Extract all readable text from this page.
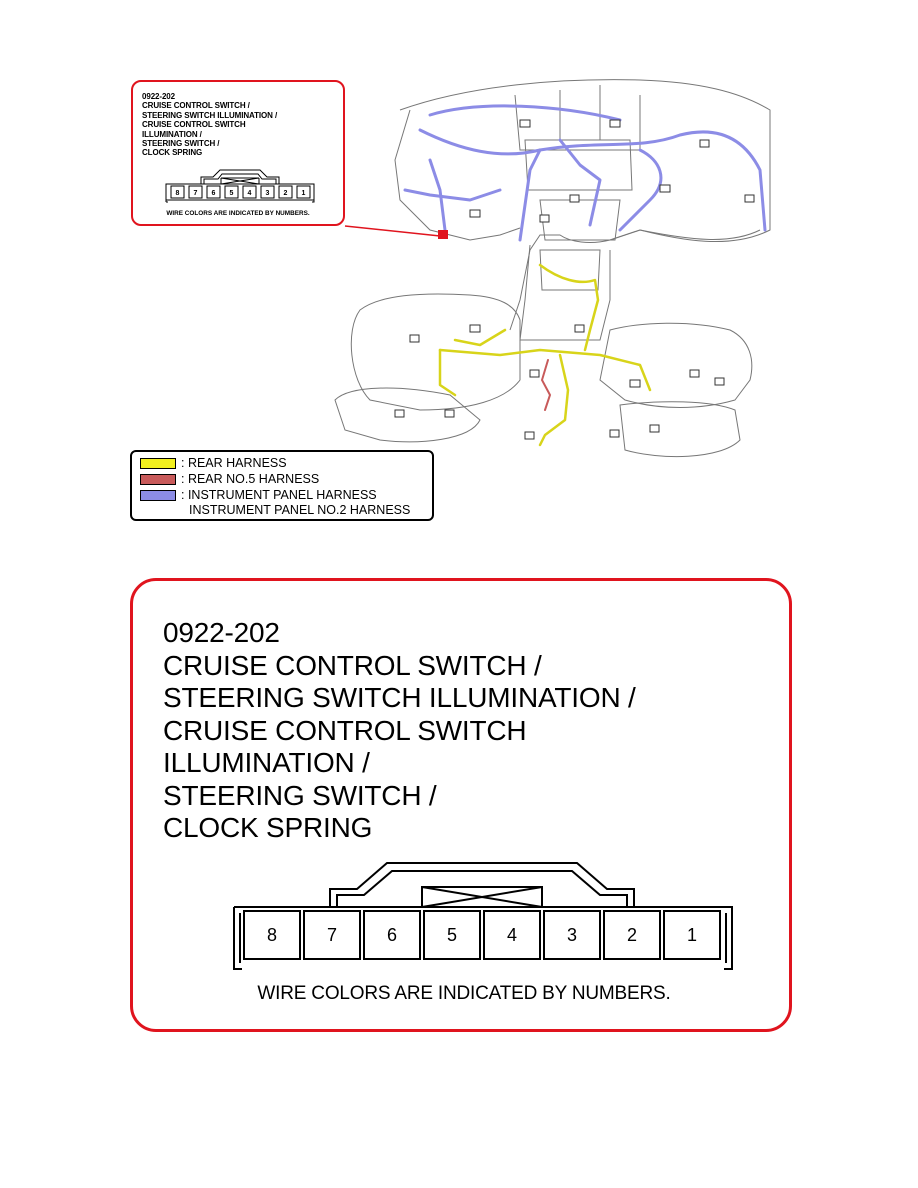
0922-202
CRUISE CONTROL SWITCH /
STEERING SWITCH ILLUMINATION /
CRUISE CONTROL SWITCH
ILLUMINATION /
STEERING SWITCH /
CLOCK SPRING
8 7 6 5 4 3 2 1
WIRE COLORS ARE INDICATED BY NUMBERS.
: REAR HARNESS
: REAR NO.5 HARNESS
: INSTRUMENT PANEL HARNESS
INSTRUMENT PANEL NO.2 HARNESS
0922-202
CRUISE CONTROL SWITCH /
STEERING SWITCH ILLUMINATION /
CRUISE CONTROL SWITCH
ILLUMINATION /
STEERING SWITCH /
CLOCK SPRING
8	7	6	5	4	3	2	1
WIRE COLORS ARE INDICATED BY NUMBERS.
